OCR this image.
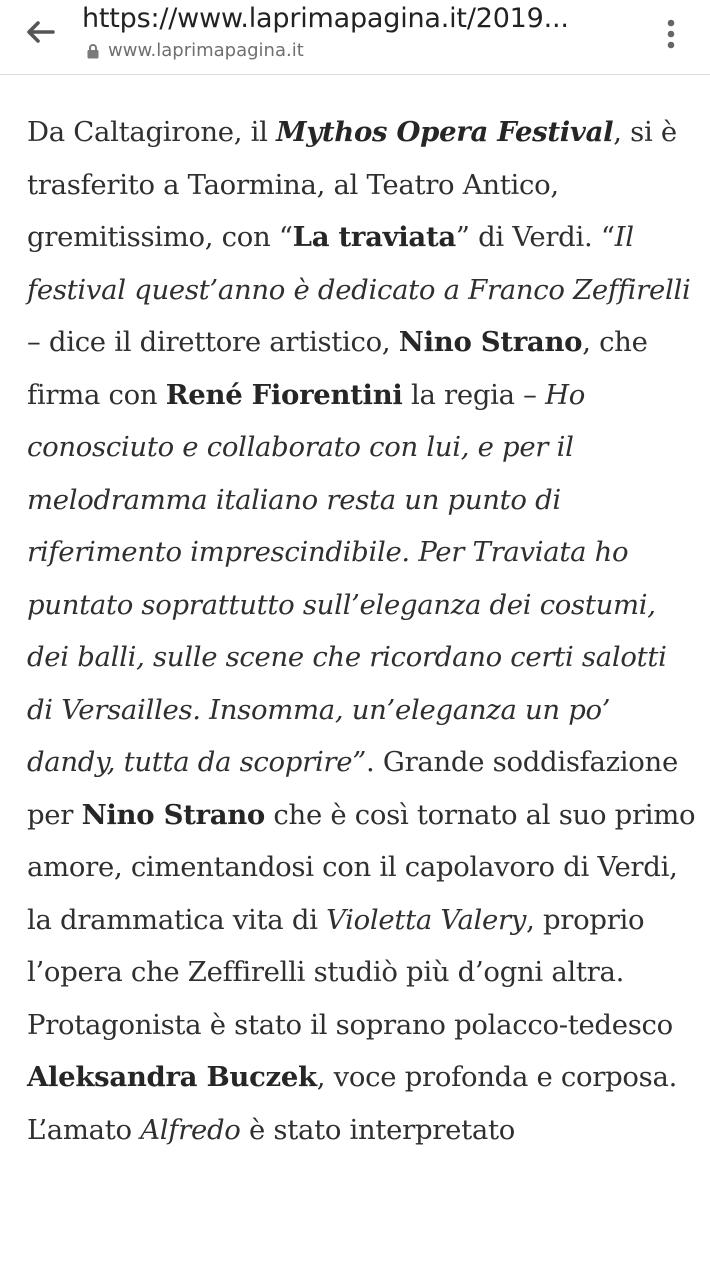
https://www.laprimapagina.it/2019...
www.laprimapagina.it

Da Caltagirone, il Mythos Opera Festival, si è trasferito a Taormina, al Teatro Antico, gremitissimo, con “La traviata” di Verdi. “Il festival quest’anno è dedicato a Franco Zeffirelli – dice il direttore artistico, Nino Strano, che firma con René Fiorentini la regia – Ho conosciuto e collaborato con lui, e per il melodramma italiano resta un punto di riferimento imprescindibile. Per Traviata ho puntato soprattutto sull’eleganza dei costumi, dei balli, sulle scene che ricordano certi salotti di Versailles. Insomma, un’eleganza un po’ dandy, tutta da scoprire”. Grande soddisfazione per Nino Strano che è così tornato al suo primo amore, cimentandosi con il capolavoro di Verdi, la drammatica vita di Violetta Valery, proprio l’opera che Zeffirelli studiò più d’ogni altra. Protagonista è stato il soprano polacco-tedesco Aleksandra Buczek, voce profonda e corposa. L’amato Alfredo è stato interpretato
